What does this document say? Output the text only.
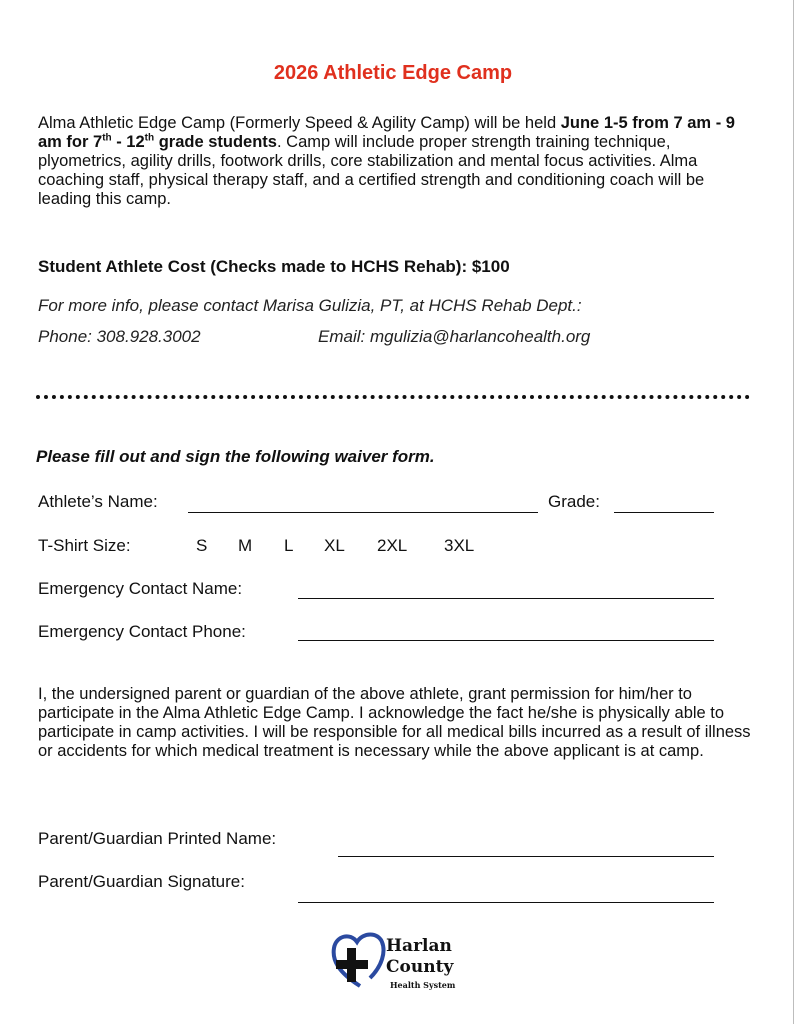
2026 Athletic Edge Camp
Alma Athletic Edge Camp (Formerly Speed & Agility Camp) will be held June 1-5 from 7 am - 9 am for 7th - 12th grade students. Camp will include proper strength training technique, plyometrics, agility drills, footwork drills, core stabilization and mental focus activities. Alma coaching staff, physical therapy staff, and a certified strength and conditioning coach will be leading this camp.
Student Athlete Cost (Checks made to HCHS Rehab): $100
For more info, please contact Marisa Gulizia, PT, at HCHS Rehab Dept.:
Phone: 308.928.3002	Email: mgulizia@harlancohealth.org
Please fill out and sign the following waiver form.
Athlete’s Name:	Grade:
T-Shirt Size:	S M L XL 2XL 3XL
Emergency Contact Name:
Emergency Contact Phone:
I, the undersigned parent or guardian of the above athlete, grant permission for him/her to participate in the Alma Athletic Edge Camp. I acknowledge the fact he/she is physically able to participate in camp activities. I will be responsible for all medical bills incurred as a result of illness or accidents for which medical treatment is necessary while the above applicant is at camp.
Parent/Guardian Printed Name:
Parent/Guardian Signature:
Harlan
County
Health System
